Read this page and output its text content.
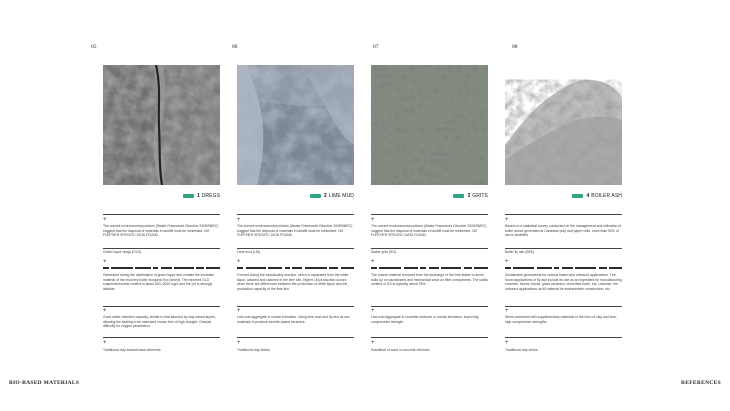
05
1 DREGS
+
The current environmental policies (Waste Framework Directive 2008/98/EC) suggest that the disposal of materials in landfill must be minimised. NO FURTHER SPECIFIC DATA FOUND.
Green liquor dregs (GLD).
+
Generated during the clarification of green liquor and contain the insoluble material of the recovery boiler inorganic flux (smelt). The reported GLD suspended solids content is about 600–2000 mg/L and the pH is strongly alkaline.
+
Good water retention capacity, similar to that assured by clay-based layers, allowing the sealing to be saturated mortar free of high draught. Gradual difficulty for oxygen penetration.
+
Traditional clay sealant base elements.
06
2 LIME MUD
+
The current environmental policies (Waste Framework Directive 2008/98/EC) suggest that the disposal of materials in landfill must be minimised. NO FURTHER SPECIFIC DATA FOUND.
Lime mud (LM).
+
Formed during the causticizing reaction, which is separated from the white liquor, washed and calcined in the lime kiln. Higher LM production occurs when there are differences between the production of white liquor and the production capacity of the lime kiln.
+
Low-cost aggregate in mortar formation. Using lime mud and fly ash as raw materials to produce zeorlite-based ceramics.
+
Traditional clay bricks.
07
3 GRITS
+
The current environmental policies (Waste Framework Directive 2008/98/EC) suggest that the disposal of materials in landfill must be minimised. NO FURTHER SPECIFIC DATA FOUND.
Slaker grits (SG).
+
The coarse material removed from the discharge of the lime slaker to avoid build up on causticizers and mechanical wear on filter components. The solids content of SG is typically about 75%.
+
Low-cost aggregate in concrete mixtures or mortar formation, improving compressive strength.
+
Substitute of sand in concrete mixtures.
08
4 BOILER ASH
+
Based on a statistical survey conducted on the management and utilization of boiler ashes generated at Canadian pulp and paper mills, more than 50% of ash is landfilled.
Boiler fly ash (BFA).
+
Sustainable geomaterial for various based and unbound applications. The found applications of fly ash include its use as an ingredient for manufacturing concrete, blocks, bricks, glass ceramics, cemented earth, etc. Likewise, the unbound applications as fill material for embankment construction, etc.
+
When combined with supplementary materials in the form of clay and lime, high compressive strengths.
+
Traditional clay bricks.
BIO-BASED MATERIALS	REFERENCES
